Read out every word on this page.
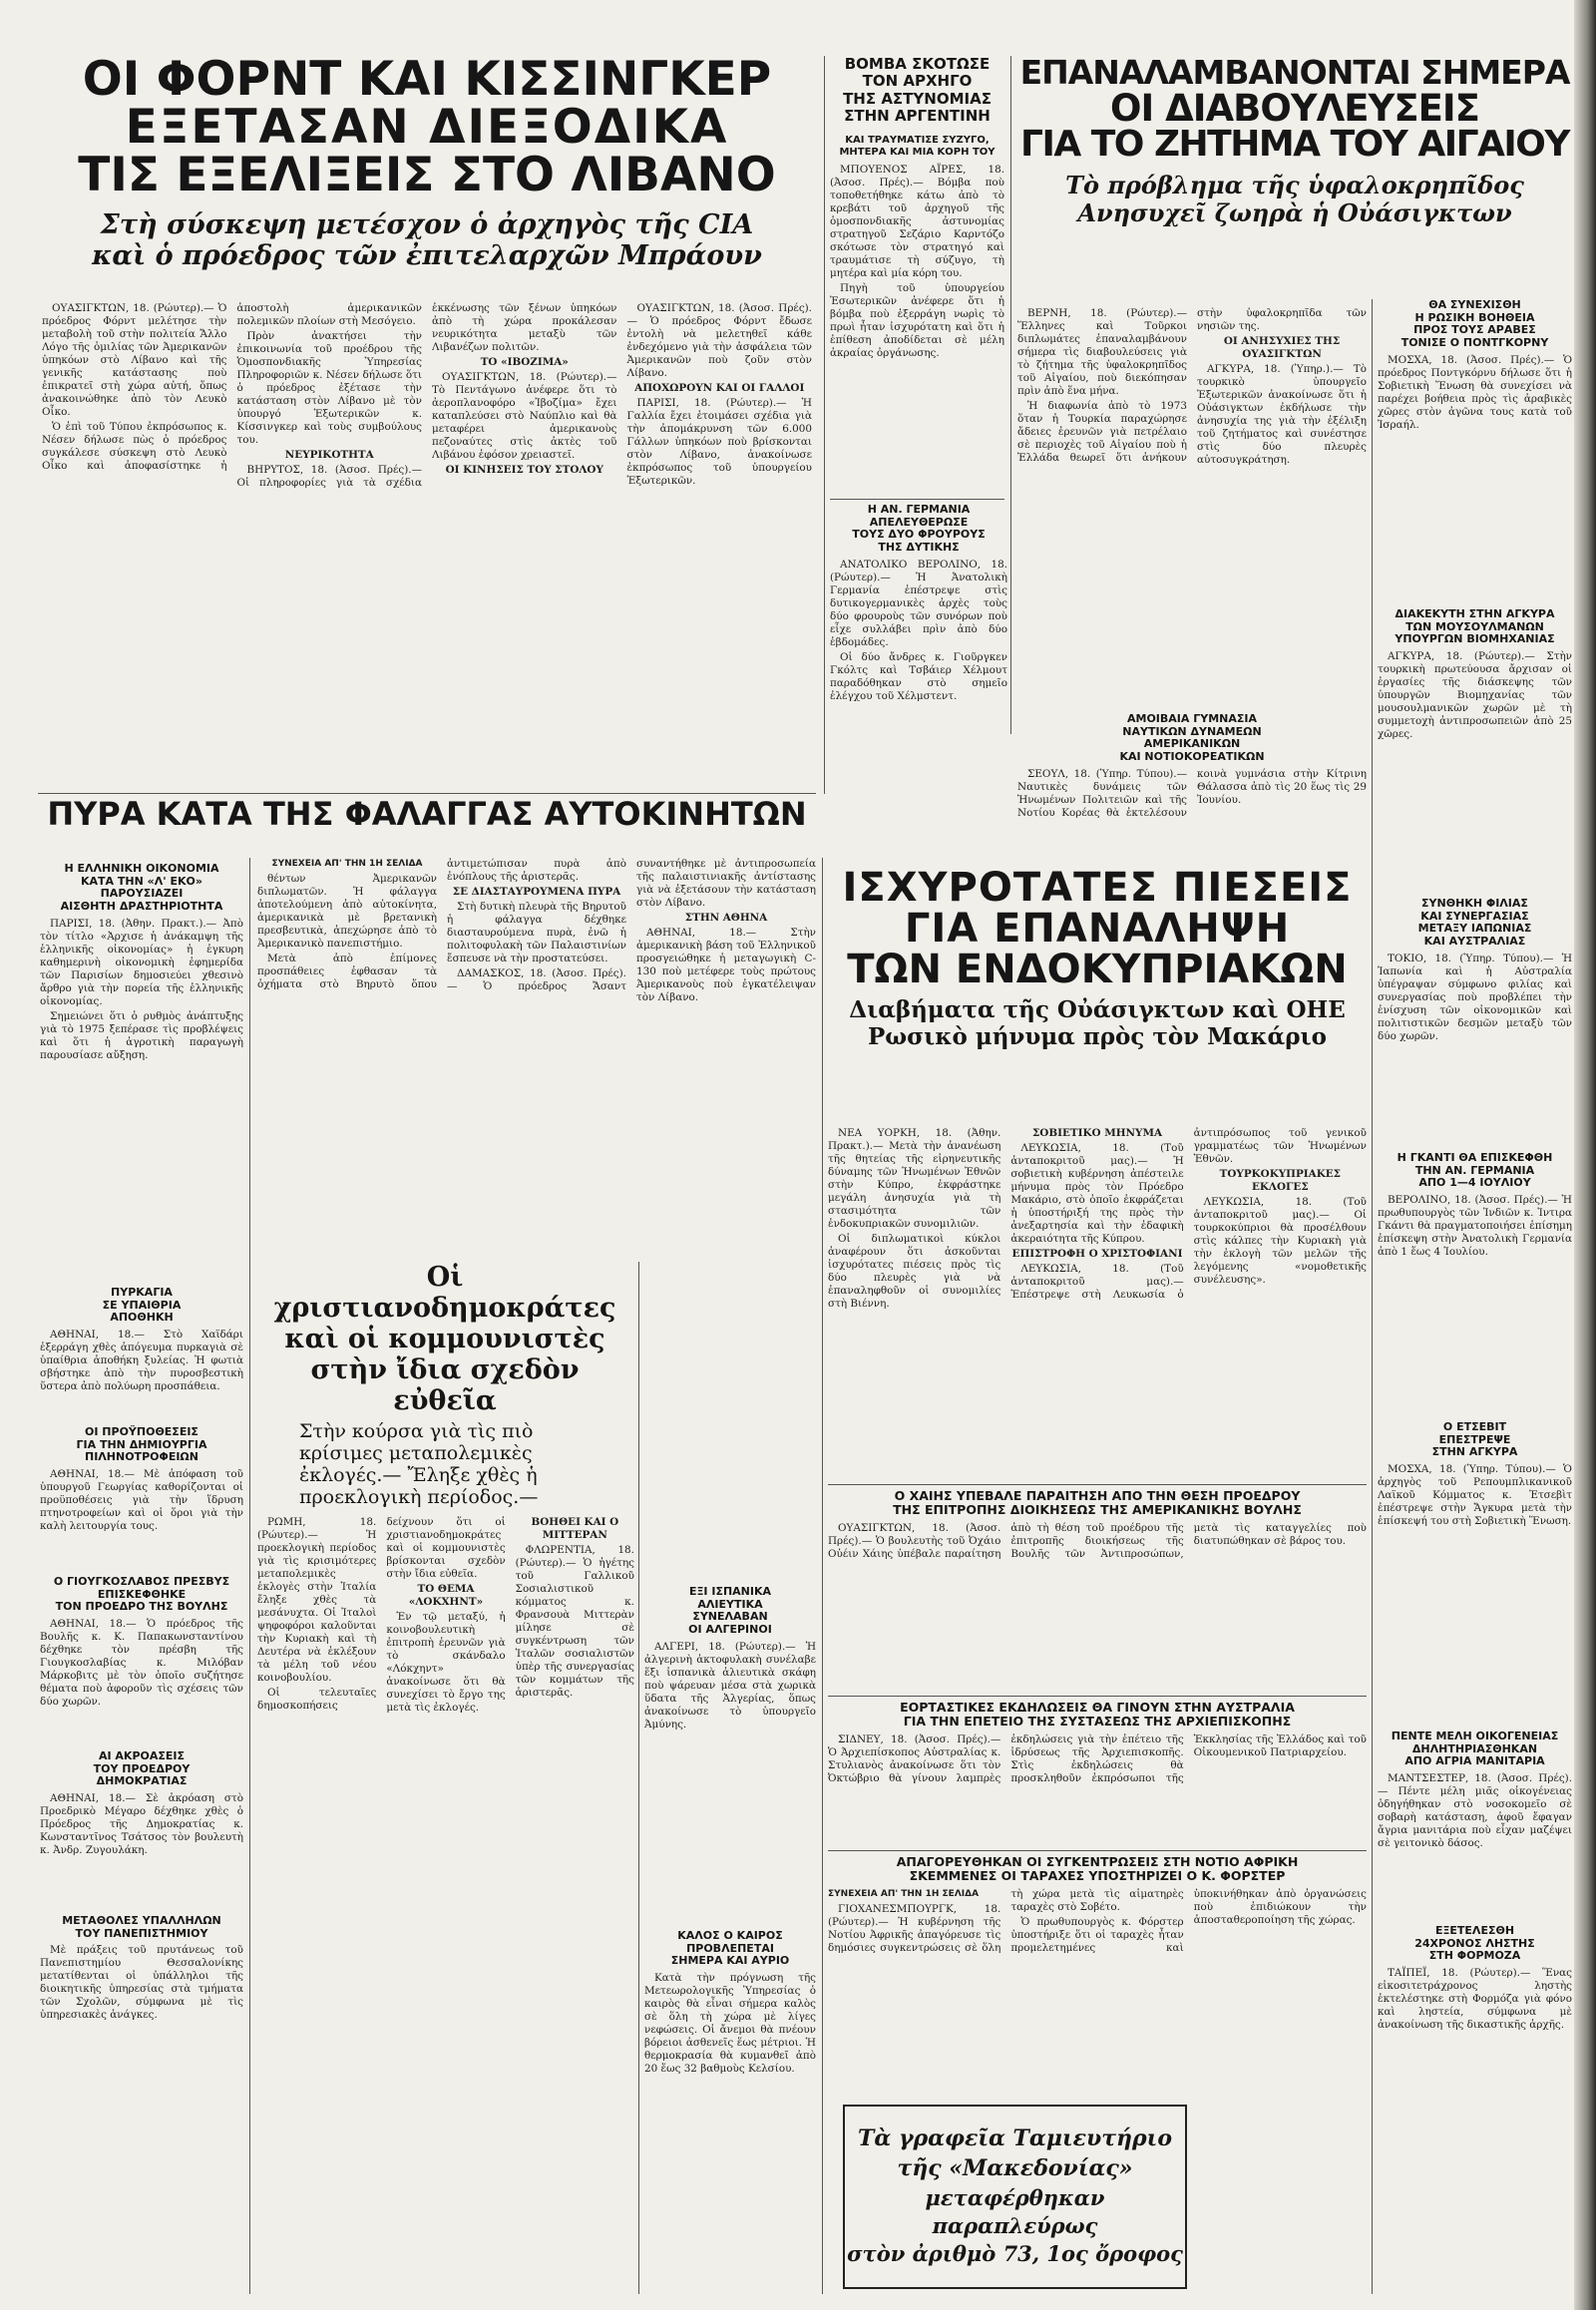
ΟΙ ΦΟΡΝΤ ΚΑΙ ΚΙΣΣΙΝΓΚΕΡ
ΕΞΕΤΑΣΑΝ ΔΙΕΞΟΔΙΚΑ
ΤΙΣ ΕΞΕΛΙΞΕΙΣ ΣΤΟ ΛΙΒΑΝΟ

Στὴ σύσκεψη μετέσχον ὁ ἀρχηγὸς τῆς CIA

καὶ ὁ πρόεδρος τῶν ἐπιτελαρχῶν Μπράουν

ΟΥΑΣΙΓΚΤΩΝ, 18. (Ρώυτερ).— Ὁ πρόεδρος Φόρντ μελέτησε τὴν μεταβολὴ τοῦ στὴν πολιτεία Ἄλλο Λόγο τῆς ὁμιλίας τῶν Ἀμερικανῶν ὑπηκόων στὸ Λίβανο καὶ τῆς γενικῆς κατάστασης ποὺ ἐπικρατεῖ στὴ χώρα αὐτή, ὅπως ἀνακοινώθηκε ἀπὸ τὸν Λευκὸ Οἶκο.

Ὁ ἐπὶ τοῦ Τύπου ἐκπρόσωπος κ. Νέσεν δήλωσε πὼς ὁ πρόεδρος συγκάλεσε σύσκεψη στὸ Λευκὸ Οἶκο καὶ ἀποφασίστηκε ἡ ἀποστολὴ ἀμερικανικῶν πολεμικῶν πλοίων στὴ Μεσόγειο.

Πρὸν ἀνακτήσει τὴν ἐπικοινωνία τοῦ προέδρου τῆς Ὁμοσπονδιακῆς Ὑπηρεσίας Πληροφοριῶν κ. Νέσεν δήλωσε ὅτι ὁ πρόεδρος ἐξέτασε τὴν κατάσταση στὸν Λίβανο μὲ τὸν ὑπουργό Ἐξωτερικῶν κ. Κίσσινγκερ καὶ τοὺς συμβούλους του.

ΝΕΥΡΙΚΟΤΗΤΑ

ΒΗΡΥΤΟΣ, 18. (Ἀσοσ. Πρές).— Οἱ πληροφορίες γιὰ τὰ σχέδια ἐκκένωσης τῶν ξένων ὑπηκόων ἀπὸ τὴ χώρα προκάλεσαν νευρικότητα μεταξὺ τῶν Λιβανέζων πολιτῶν.

ΤΟ «ΙΒΟΖΙΜΑ»

ΟΥΑΣΙΓΚΤΩΝ, 18. (Ρώυτερ).— Τὸ Πεντάγωνο ἀνέφερε ὅτι τὸ ἀεροπλανοφόρο «Ἰβοζίμα» ἔχει καταπλεύσει στὸ Ναύπλιο καὶ θὰ μεταφέρει ἀμερικανοὺς πεζοναύτες στὶς ἀκτὲς τοῦ Λιβάνου ἐφόσον χρειαστεῖ.

ΟΙ ΚΙΝΗΣΕΙΣ ΤΟΥ ΣΤΟΛΟΥ

ΟΥΑΣΙΓΚΤΩΝ, 18. (Ἀσοσ. Πρές).— Ὁ πρόεδρος Φόρντ ἔδωσε ἐντολὴ νὰ μελετηθεῖ κάθε ἐνδεχόμενο γιὰ τὴν ἀσφάλεια τῶν Ἀμερικανῶν ποὺ ζοῦν στὸν Λίβανο.

ΑΠΟΧΩΡΟΥΝ ΚΑΙ ΟΙ ΓΑΛΛΟΙ

ΠΑΡΙΣΙ, 18. (Ρώυτερ).— Ἡ Γαλλία ἔχει ἑτοιμάσει σχέδια γιὰ τὴν ἀπομάκρυνση τῶν 6.000 Γάλλων ὑπηκόων ποὺ βρίσκονται στὸν Λίβανο, ἀνακοίνωσε ἐκπρόσωπος τοῦ ὑπουργείου Ἐξωτερικῶν.

ΒΟΜΒΑ ΣΚΟΤΩΣΕ

ΤΟΝ ΑΡΧΗΓΟ

ΤΗΣ ΑΣΤΥΝΟΜΙΑΣ

ΣΤΗΝ ΑΡΓΕΝΤΙΝΗ

ΚΑΙ ΤΡΑΥΜΑΤΙΣΕ ΣΥΖΥΓΟ, ΜΗΤΕΡΑ ΚΑΙ ΜΙΑ ΚΟΡΗ ΤΟΥ

ΜΠΟΥΕΝΟΣ ΑΪΡΕΣ, 18. (Ἀσοσ. Πρές).— Βόμβα ποὺ τοποθετήθηκε κάτω ἀπὸ τὸ κρεβάτι τοῦ ἀρχηγοῦ τῆς ὁμοσπονδιακῆς ἀστυνομίας στρατηγοῦ Σεζάριο Καρντόζο σκότωσε τὸν στρατηγό καὶ τραυμάτισε τὴ σύζυγο, τὴ μητέρα καὶ μία κόρη του.

Πηγὴ τοῦ ὑπουργείου Ἐσωτερικῶν ἀνέφερε ὅτι ἡ βόμβα ποὺ ἐξερράγη νωρὶς τὸ πρωὶ ἦταν ἰσχυρότατη καὶ ὅτι ἡ ἐπίθεση ἀποδίδεται σὲ μέλη ἀκραίας ὀργάνωσης.

ΕΠΑΝΑΛΑΜΒΑΝΟΝΤΑΙ ΣΗΜΕΡΑ
ΟΙ ΔΙΑΒΟΥΛΕΥΣΕΙΣ
ΓΙΑ ΤΟ ΖΗΤΗΜΑ ΤΟΥ ΑΙΓΑΙΟΥ

Τὸ πρόβλημα τῆς ὑφαλοκρηπῖδος

Ανησυχεῖ ζωηρὰ ἡ Οὐάσιγκτων

ΒΕΡΝΗ, 18. (Ρώυτερ).— Ἕλληνες καὶ Τοῦρκοι διπλωμάτες ἐπαναλαμβάνουν σήμερα τὶς διαβουλεύσεις γιὰ τὸ ζήτημα τῆς ὑφαλοκρηπῖδος τοῦ Αἰγαίου, ποὺ διεκόπησαν πρὶν ἀπὸ ἕνα μήνα.

Ἡ διαφωνία ἀπὸ τὸ 1973 ὅταν ἡ Τουρκία παραχώρησε ἄδειες ἐρευνῶν γιὰ πετρέλαιο σὲ περιοχὲς τοῦ Αἰγαίου ποὺ ἡ Ἑλλάδα θεωρεῖ ὅτι ἀνήκουν στὴν ὑφαλοκρηπῖδα τῶν νησιῶν της.

ΟΙ ΑΝΗΣΥΧΙΕΣ ΤΗΣ ΟΥΑΣΙΓΚΤΩΝ

ΑΓΚΥΡΑ, 18. (Ὑπηρ.).— Τὸ τουρκικὸ ὑπουργεῖο Ἐξωτερικῶν ἀνακοίνωσε ὅτι ἡ Οὐάσιγκτων ἐκδήλωσε τὴν ἀνησυχία της γιὰ τὴν ἐξέλιξη τοῦ ζητήματος καὶ συνέστησε στὶς δύο πλευρὲς αὐτοσυγκράτηση.

ΘΑ ΣΥΝΕΧΙΣΘΗ

Η ΡΩΣΙΚΗ ΒΟΗΘΕΙΑ

ΠΡΟΣ ΤΟΥΣ ΑΡΑΒΕΣ

ΤΟΝΙΣΕ Ο ΠΟΝΤΓΚΟΡΝΥ

ΜΟΣΧΑ, 18. (Ἀσοσ. Πρές).— Ὁ πρόεδρος Ποντγκόρνυ δήλωσε ὅτι ἡ Σοβιετικὴ Ἕνωση θὰ συνεχίσει νὰ παρέχει βοήθεια πρὸς τὶς ἀραβικὲς χῶρες στὸν ἀγῶνα τους κατὰ τοῦ Ἰσραήλ.

ΔΙΑΚΕΚΥΤΗ ΣΤΗΝ ΑΓΚΥΡΑ

ΤΩΝ ΜΟΥΣΟΥΛΜΑΝΩΝ

ΥΠΟΥΡΓΩΝ ΒΙΟΜΗΧΑΝΙΑΣ

ΑΓΚΥΡΑ, 18. (Ρώυτερ).— Στὴν τουρκικὴ πρωτεύουσα ἄρχισαν οἱ ἐργασίες τῆς διάσκεψης τῶν ὑπουργῶν Βιομηχανίας τῶν μουσουλμανικῶν χωρῶν μὲ τὴ συμμετοχὴ ἀντιπροσωπειῶν ἀπὸ 25 χῶρες.

ΣΥΝΘΗΚΗ ΦΙΛΙΑΣ

ΚΑΙ ΣΥΝΕΡΓΑΣΙΑΣ

ΜΕΤΑΞΥ ΙΑΠΩΝΙΑΣ

ΚΑΙ ΑΥΣΤΡΑΛΙΑΣ

ΤΟΚΙΟ, 18. (Ὑπηρ. Τύπου).— Ἡ Ἰαπωνία καὶ ἡ Αὐστραλία ὑπέγραψαν σύμφωνο φιλίας καὶ συνεργασίας ποὺ προβλέπει τὴν ἐνίσχυση τῶν οἰκονομικῶν καὶ πολιτιστικῶν δεσμῶν μεταξὺ τῶν δύο χωρῶν.

Η ΓΚΑΝΤΙ ΘΑ ΕΠΙΣΚΕΦΘΗ

ΤΗΝ ΑΝ. ΓΕΡΜΑΝΙΑ

ΑΠΟ 1—4 ΙΟΥΛΙΟΥ

ΒΕΡΟΛΙΝΟ, 18. (Ἀσοσ. Πρές).— Ἡ πρωθυπουργὸς τῶν Ἰνδιῶν κ. Ἰντιρα Γκάντι θὰ πραγματοποιήσει ἐπίσημη ἐπίσκεψη στὴν Ἀνατολικὴ Γερμανία ἀπὸ 1 ἕως 4 Ἰουλίου.

Ο ΕΤΣΕΒΙΤ

ΕΠΕΣΤΡΕΨΕ

ΣΤΗΝ ΑΓΚΥΡΑ

ΜΟΣΧΑ, 18. (Ὑπηρ. Τύπου).— Ὁ ἀρχηγὸς τοῦ Ρεπουμπλικανικοῦ Λαϊκοῦ Κόμματος κ. Ἐτσεβὶτ ἐπέστρεψε στὴν Ἄγκυρα μετὰ τὴν ἐπίσκεψή του στὴ Σοβιετικὴ Ἕνωση.

ΠΕΝΤΕ ΜΕΛΗ ΟΙΚΟΓΕΝΕΙΑΣ

ΔΗΛΗΤΗΡΙΑΣΘΗΚΑΝ

ΑΠΟ ΑΓΡΙΑ ΜΑΝΙΤΑΡΙΑ

ΜΑΝΤΣΕΣΤΕΡ, 18. (Ἀσοσ. Πρές).— Πέντε μέλη μιᾶς οἰκογένειας ὁδηγήθηκαν στὸ νοσοκομεῖο σὲ σοβαρὴ κατάσταση, ἀφοῦ ἔφαγαν ἄγρια μανιτάρια ποὺ εἶχαν μαζέψει σὲ γειτονικὸ δάσος.

ΕΞΕΤΕΛΕΣΘΗ

24ΧΡΟΝΟΣ ΛΗΣΤΗΣ

ΣΤΗ ΦΟΡΜΟΖΑ

ΤΑΪΠΕΪ, 18. (Ρώυτερ).— Ἕνας εἰκοσιτετράχρονος ληστὴς ἐκτελέστηκε στὴ Φορμόζα γιὰ φόνο καὶ ληστεία, σύμφωνα μὲ ἀνακοίνωση τῆς δικαστικῆς ἀρχῆς.

Η ΑΝ. ΓΕΡΜΑΝΙΑ

ΑΠΕΛΕΥΘΕΡΩΣΕ

ΤΟΥΣ ΔΥΟ ΦΡΟΥΡΟΥΣ

ΤΗΣ ΔΥΤΙΚΗΣ

ΑΝΑΤΟΛΙΚΟ ΒΕΡΟΛΙΝΟ, 18. (Ρώυτερ).— Ἡ Ἀνατολικὴ Γερμανία ἐπέστρεψε στὶς δυτικογερμανικὲς ἀρχὲς τοὺς δύο φρουροὺς τῶν συνόρων ποὺ εἶχε συλλάβει πρὶν ἀπὸ δύο ἑβδομάδες.

Οἱ δύο ἄνδρες κ. Γιοῦργκεν Γκόλτς καὶ Τσβάιερ Χέλμουτ παραδόθηκαν στὸ σημεῖο ἐλέγχου τοῦ Χέλμστεντ.

ΑΜΟΙΒΑΙΑ ΓΥΜΝΑΣΙΑ

ΝΑΥΤΙΚΩΝ ΔΥΝΑΜΕΩΝ

ΑΜΕΡΙΚΑΝΙΚΩΝ

ΚΑΙ ΝΟΤΙΟΚΟΡΕΑΤΙΚΩΝ

ΣΕΟΥΛ, 18. (Ὑπηρ. Τύπου).— Ναυτικὲς δυνάμεις τῶν Ἡνωμένων Πολιτειῶν καὶ τῆς Νοτίου Κορέας θὰ ἐκτελέσουν κοινὰ γυμνάσια στὴν Κίτρινη Θάλασσα ἀπὸ τὶς 20 ἕως τὶς 29 Ἰουνίου.

ΠΥΡΑ ΚΑΤΑ ΤΗΣ ΦΑΛΑΓΓΑΣ ΑΥΤΟΚΙΝΗΤΩΝ

ΣΥΝΕΧΕΙΑ ΑΠ' ΤΗΝ 1Η ΣΕΛΙΔΑ

θέντων Ἀμερικανῶν διπλωματῶν. Ἡ φάλαγγα ἀποτελούμενη ἀπὸ αὐτοκίνητα, ἀμερικανικὰ μὲ βρετανικὴ πρεσβευτικὰ, ἀπεχώρησε ἀπὸ τὸ Ἀμερικανικὸ πανεπιστήμιο.

Μετὰ ἀπὸ ἐπίμονες προσπάθειες ἐφθασαν τὰ ὀχήματα στὸ Βηρυτὸ ὅπου ἀντιμετώπισαν πυρὰ ἀπὸ ἐνόπλους τῆς ἀριστερᾶς.

ΣΕ ΔΙΑΣΤΑΥΡΟΥΜΕΝΑ ΠΥΡΑ

Στὴ δυτικὴ πλευρὰ τῆς Βηρυτοῦ ἡ φάλαγγα δέχθηκε διασταυρούμενα πυρὰ, ἐνῶ ἡ πολιτοφυλακὴ τῶν Παλαιστινίων ἔσπευσε νὰ τὴν προστατεύσει.

ΔΑΜΑΣΚΟΣ, 18. (Ἀσοσ. Πρές).— Ὁ πρόεδρος Ἄσαντ συναντήθηκε μὲ ἀντιπροσωπεία τῆς παλαιστινιακῆς ἀντίστασης γιὰ νὰ ἐξετάσουν τὴν κατάσταση στὸν Λίβανο.

ΣΤΗΝ ΑΘΗΝΑ

ΑΘΗΝΑΙ, 18.— Στὴν ἀμερικανικὴ βάση τοῦ Ἑλληνικοῦ προσγειώθηκε ἡ μεταγωγικὴ C-130 ποὺ μετέφερε τοὺς πρώτους Ἀμερικανοὺς ποὺ ἐγκατέλειψαν τὸν Λίβανο.

Η ΕΛΛΗΝΙΚΗ ΟΙΚΟΝΟΜΙΑ

ΚΑΤΑ ΤΗΝ «Λ' ΕΚΟ»

ΠΑΡΟΥΣΙΑΖΕΙ

ΑΙΣΘΗΤΗ ΔΡΑΣΤΗΡΙΟΤΗΤΑ

ΠΑΡΙΣΙ, 18. (Ἀθην. Πρακτ.).— Ἀπὸ τὸν τίτλο «Ἀρχισε ἡ ἀνάκαμψη τῆς ἑλληνικῆς οἰκονομίας» ἡ ἐγκυρη καθημερινὴ οἰκονομικὴ ἐφημερίδα τῶν Παρισίων δημοσιεύει χθεσινὸ ἄρθρο γιὰ τὴν πορεία τῆς ἑλληνικῆς οἰκονομίας.

Σημειώνει ὅτι ὁ ρυθμὸς ἀνάπτυξης γιὰ τὸ 1975 ξεπέρασε τὶς προβλέψεις καὶ ὅτι ἡ ἀγροτικὴ παραγωγὴ παρουσίασε αὔξηση.

ΠΥΡΚΑΓΙΑ

ΣΕ ΥΠΑΙΘΡΙΑ

ΑΠΟΘΗΚΗ

ΑΘΗΝΑΙ, 18.— Στὸ Χαϊδάρι ἐξερράγη χθὲς ἀπόγευμα πυρκαγιὰ σὲ ὑπαίθρια ἀποθήκη ξυλείας. Ἡ φωτιὰ σβήστηκε ἀπὸ τὴν πυροσβεστικὴ ὕστερα ἀπὸ πολύωρη προσπάθεια.

ΟΙ ΠΡΟΫΠΟΘΕΣΕΙΣ

ΓΙΑ ΤΗΝ ΔΗΜΙΟΥΡΓΙΑ

ΠΙΛΗΝΟΤΡΟΦΕΙΩΝ

ΑΘΗΝΑΙ, 18.— Μὲ ἀπόφαση τοῦ ὑπουργοῦ Γεωργίας καθορίζονται οἱ προϋποθέσεις γιὰ τὴν ἵδρυση πτηνοτροφείων καὶ οἱ ὅροι γιὰ τὴν καλὴ λειτουργία τους.

Ο ΓΙΟΥΓΚΟΣΛΑΒΟΣ ΠΡΕΣΒΥΣ

ΕΠΙΣΚΕΦΘΗΚΕ

ΤΟΝ ΠΡΟΕΔΡΟ ΤΗΣ ΒΟΥΛΗΣ

ΑΘΗΝΑΙ, 18.— Ὁ πρόεδρος τῆς Βουλῆς κ. Κ. Παπακωνσταντίνου δέχθηκε τὸν πρέσβη τῆς Γιουγκοσλαβίας κ. Μιλόβαν Μάρκοβιτς μὲ τὸν ὁποῖο συζήτησε θέματα ποὺ ἀφοροῦν τὶς σχέσεις τῶν δύο χωρῶν.

ΑΙ ΑΚΡΟΑΣΕΙΣ

ΤΟΥ ΠΡΟΕΔΡΟΥ

ΔΗΜΟΚΡΑΤΙΑΣ

ΑΘΗΝΑΙ, 18.— Σὲ ἀκρόαση στὸ Προεδρικὸ Μέγαρο δέχθηκε χθὲς ὁ Πρόεδρος τῆς Δημοκρατίας κ. Κωνσταντῖνος Τσάτσος τὸν βουλευτὴ κ. Ἀνδρ. Ζυγουλάκη.

ΜΕΤΑΘΟΛΕΣ ΥΠΑΛΛΗΛΩΝ

ΤΟΥ ΠΑΝΕΠΙΣΤΗΜΙΟΥ

Μὲ πράξεις τοῦ πρυτάνεως τοῦ Πανεπιστημίου Θεσσαλονίκης μετατίθενται οἱ ὑπάλληλοι τῆς διοικητικῆς ὑπηρεσίας στὰ τμήματα τῶν Σχολῶν, σύμφωνα μὲ τὶς ὑπηρεσιακὲς ἀνάγκες.

Οἱ χριστιανοδημοκράτες

καὶ οἱ κομμουνιστὲς

στὴν ἴδια σχεδὸν εὐθεῖα

Στὴν κούρσα γιὰ τὶς πιὸ κρίσιμες μεταπολεμικὲς ἐκλογές.— Ἔληξε χθὲς ἡ προεκλογικὴ περίοδος.—

ΡΩΜΗ, 18. (Ρώυτερ).— Ἡ προεκλογικὴ περίοδος γιὰ τὶς κρισιμότερες μεταπολεμικὲς ἐκλογὲς στὴν Ἰταλία ἔληξε χθὲς τὰ μεσάνυχτα. Οἱ Ἰταλοὶ ψηφοφόροι καλοῦνται τὴν Κυριακὴ καὶ τὴ Δευτέρα νὰ ἐκλέξουν τὰ μέλη τοῦ νέου κοινοβουλίου.

Οἱ τελευταῖες δημοσκοπήσεις δείχνουν ὅτι οἱ χριστιανοδημοκράτες καὶ οἱ κομμουνιστὲς βρίσκονται σχεδὸν στὴν ἴδια εὐθεῖα.

ΤΟ ΘΕΜΑ «ΛΟΚΧΗΝΤ»

Ἐν τῷ μεταξύ, ἡ κοινοβουλευτικὴ ἐπιτροπὴ ἐρευνῶν γιὰ τὸ σκάνδαλο «Λόκχηντ» ἀνακοίνωσε ὅτι θὰ συνεχίσει τὸ ἔργο της μετὰ τὶς ἐκλογές.

ΒΟΗΘΕΙ ΚΑΙ Ο ΜΙΤΤΕΡΑΝ

ΦΛΩΡΕΝΤΙΑ, 18. (Ρώυτερ).— Ὁ ἡγέτης τοῦ Γαλλικοῦ Σοσιαλιστικοῦ κόμματος κ. Φρανσουὰ Μιττερὰν μίλησε σὲ συγκέντρωση τῶν Ἰταλῶν σοσιαλιστῶν ὑπὲρ τῆς συνεργασίας τῶν κομμάτων τῆς ἀριστερᾶς.

ΕΞΙ ΙΣΠΑΝΙΚΑ

ΑΛΙΕΥΤΙΚΑ

ΣΥΝΕΛΑΒΑΝ

ΟΙ ΑΛΓΕΡΙΝΟΙ

ΑΛΓΕΡΙ, 18. (Ρώυτερ).— Ἡ ἀλγερινὴ ἀκτοφυλακὴ συνέλαβε ἕξι ἰσπανικὰ ἁλιευτικὰ σκάφη ποὺ ψάρευαν μέσα στὰ χωρικὰ ὕδατα τῆς Ἀλγερίας, ὅπως ἀνακοίνωσε τὸ ὑπουργεῖο Ἀμύνης.

ΚΑΛΟΣ Ο ΚΑΙΡΟΣ

ΠΡΟΒΛΕΠΕΤΑΙ

ΣΗΜΕΡΑ ΚΑΙ ΑΥΡΙΟ

Κατὰ τὴν πρόγνωση τῆς Μετεωρολογικῆς Ὑπηρεσίας ὁ καιρὸς θὰ εἶναι σήμερα καλὸς σὲ ὅλη τὴ χώρα μὲ λίγες νεφώσεις. Οἱ ἄνεμοι θὰ πνέουν βόρειοι ἀσθενεῖς ἕως μέτριοι. Ἡ θερμοκρασία θὰ κυμανθεῖ ἀπὸ 20 ἕως 32 βαθμοὺς Κελσίου.

ΙΣΧΥΡΟΤΑΤΕΣ ΠΙΕΣΕΙΣ
ΓΙΑ ΕΠΑΝΑΛΗΨΗ
ΤΩΝ ΕΝΔΟΚΥΠΡΙΑΚΩΝ

Διαβήματα τῆς Οὐάσιγκτων καὶ ΟΗΕ

Ρωσικὸ μήνυμα πρὸς τὸν Μακάριο

ΝΕΑ ΥΟΡΚΗ, 18. (Ἀθην. Πρακτ.).— Μετὰ τὴν ἀνανέωση τῆς θητείας τῆς εἰρηνευτικῆς δύναμης τῶν Ἡνωμένων Ἐθνῶν στὴν Κύπρο, ἐκφράστηκε μεγάλη ἀνησυχία γιὰ τὴ στασιμότητα τῶν ἐνδοκυπριακῶν συνομιλιῶν.

Οἱ διπλωματικοὶ κύκλοι ἀναφέρουν ὅτι ἀσκοῦνται ἰσχυρότατες πιέσεις πρὸς τὶς δύο πλευρὲς γιὰ νὰ ἐπαναληφθοῦν οἱ συνομιλίες στὴ Βιέννη.

ΣΟΒΙΕΤΙΚΟ ΜΗΝΥΜΑ

ΛΕΥΚΩΣΙΑ, 18. (Τοῦ ἀνταποκριτοῦ μας).— Ἡ σοβιετικὴ κυβέρνηση ἀπέστειλε μήνυμα πρὸς τὸν Πρόεδρο Μακάριο, στὸ ὁποῖο ἐκφράζεται ἡ ὑποστήριξή της πρὸς τὴν ἀνεξαρτησία καὶ τὴν ἐδαφικὴ ἀκεραιότητα τῆς Κύπρου.

ΕΠΙΣΤΡΟΦΗ Ο ΧΡΙΣΤΟΦΙΑΝΙ

ΛΕΥΚΩΣΙΑ, 18. (Τοῦ ἀνταποκριτοῦ μας).— Ἐπέστρεψε στὴ Λευκωσία ὁ ἀντιπρόσωπος τοῦ γενικοῦ γραμματέως τῶν Ἡνωμένων Ἐθνῶν.

ΤΟΥΡΚΟΚΥΠΡΙΑΚΕΣ ΕΚΛΟΓΕΣ

ΛΕΥΚΩΣΙΑ, 18. (Τοῦ ἀνταποκριτοῦ μας).— Οἱ τουρκοκύπριοι θὰ προσέλθουν στὶς κάλπες τὴν Κυριακὴ γιὰ τὴν ἐκλογὴ τῶν μελῶν τῆς λεγόμενης «νομοθετικῆς συνέλευσης».

Ο ΧΑΙΗΣ ΥΠΕΒΑΛΕ ΠΑΡΑΙΤΗΣΗ ΑΠΟ ΤΗΝ ΘΕΣΗ ΠΡΟΕΔΡΟΥ

ΤΗΣ ΕΠΙΤΡΟΠΗΣ ΔΙΟΙΚΗΣΕΩΣ ΤΗΣ ΑΜΕΡΙΚΑΝΙΚΗΣ ΒΟΥΛΗΣ

ΟΥΑΣΙΓΚΤΩΝ, 18. (Ἀσοσ. Πρές).— Ὁ βουλευτὴς τοῦ Ὀχάιο Οὐέιν Χάιης ὑπέβαλε παραίτηση ἀπὸ τὴ θέση τοῦ προέδρου τῆς ἐπιτροπῆς διοικήσεως τῆς Βουλῆς τῶν Ἀντιπροσώπων, μετὰ τὶς καταγγελίες ποὺ διατυπώθηκαν σὲ βάρος του.

ΕΟΡΤΑΣΤΙΚΕΣ ΕΚΔΗΛΩΣΕΙΣ ΘΑ ΓΙΝΟΥΝ ΣΤΗΝ ΑΥΣΤΡΑΛΙΑ

ΓΙΑ ΤΗΝ ΕΠΕΤΕΙΟ ΤΗΣ ΣΥΣΤΑΣΕΩΣ ΤΗΣ ΑΡΧΙΕΠΙΣΚΟΠΗΣ

ΣΙΔΝΕΥ, 18. (Ἀσοσ. Πρές).— Ὁ Ἀρχιεπίσκοπος Αὐστραλίας κ. Στυλιανὸς ἀνακοίνωσε ὅτι τὸν Ὀκτώβριο θὰ γίνουν λαμπρὲς ἐκδηλώσεις γιὰ τὴν ἐπέτειο τῆς ἱδρύσεως τῆς Ἀρχιεπισκοπῆς. Στὶς ἐκδηλώσεις θὰ προσκληθοῦν ἐκπρόσωποι τῆς Ἐκκλησίας τῆς Ἑλλάδος καὶ τοῦ Οἰκουμενικοῦ Πατριαρχείου.

ΑΠΑΓΟΡΕΥΘΗΚΑΝ ΟΙ ΣΥΓΚΕΝΤΡΩΣΕΙΣ ΣΤΗ ΝΟΤΙΟ ΑΦΡΙΚΗ

ΣΚΕΜΜΕΝΕΣ ΟΙ ΤΑΡΑΧΕΣ ΥΠΟΣΤΗΡΙΖΕΙ Ο Κ. ΦΟΡΣΤΕΡ

ΣΥΝΕΧΕΙΑ ΑΠ' ΤΗΝ 1Η ΣΕΛΙΔΑ

ΓΙΟΧΑΝΕΣΜΠΟΥΡΓΚ, 18. (Ρώυτερ).— Ἡ κυβέρνηση τῆς Νοτίου Ἀφρικῆς ἀπαγόρευσε τὶς δημόσιες συγκεντρώσεις σὲ ὅλη τὴ χώρα μετὰ τὶς αἱματηρὲς ταραχὲς στὸ Σοβέτο.

Ὁ πρωθυπουργὸς κ. Φόρστερ ὑποστήριξε ὅτι οἱ ταραχὲς ἦταν προμελετημένες καὶ ὑποκινήθηκαν ἀπὸ ὀργανώσεις ποὺ ἐπιδιώκουν τὴν ἀποσταθεροποίηση τῆς χώρας.

Τὰ γραφεῖα Ταμιευτήριο
τῆς «Μακεδονίας»
μεταφέρθηκαν παραπλεύρως
στὸν ἀριθμὸ 73, 1ος ὄροφος
